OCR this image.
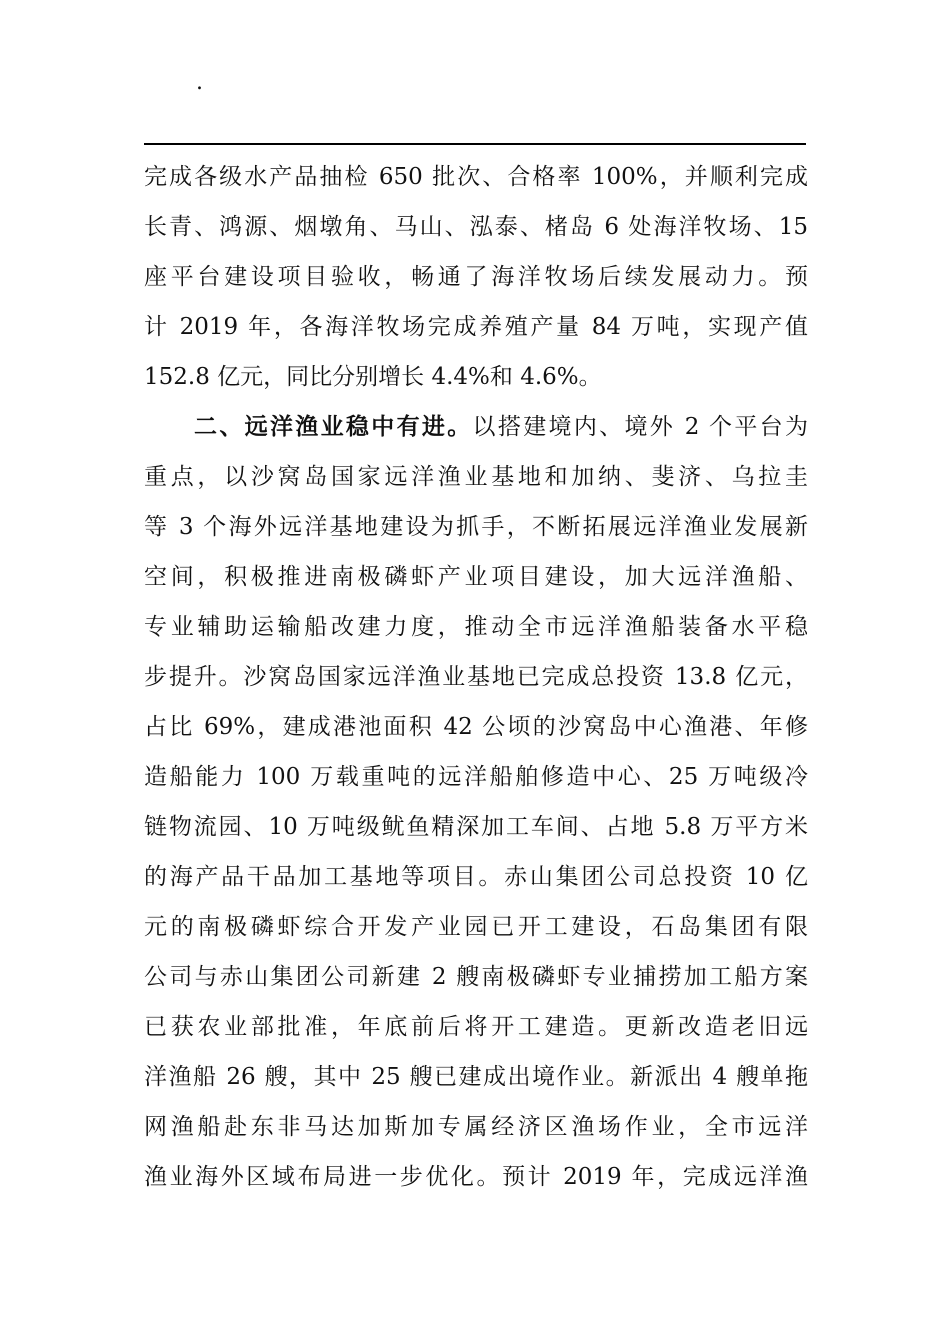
.
完成各级水产品抽检 650 批次、合格率 100%，并顺利完成
长青、鸿源、烟墩角、马山、泓泰、楮岛 6 处海洋牧场、15
座平台建设项目验收，畅通了海洋牧场后续发展动力。预
计 2019 年，各海洋牧场完成养殖产量 84 万吨，实现产值
152.8 亿元，同比分别增长 4.4%和 4.6%。
二、远洋渔业稳中有进。以搭建境内、境外 2 个平台为
重点，以沙窝岛国家远洋渔业基地和加纳、斐济、乌拉圭
等 3 个海外远洋基地建设为抓手，不断拓展远洋渔业发展新
空间，积极推进南极磷虾产业项目建设，加大远洋渔船、
专业辅助运输船改建力度，推动全市远洋渔船装备水平稳
步提升。沙窝岛国家远洋渔业基地已完成总投资 13.8 亿元，
占比 69%，建成港池面积 42 公顷的沙窝岛中心渔港、年修
造船能力 100 万载重吨的远洋船舶修造中心、25 万吨级冷
链物流园、10 万吨级鱿鱼精深加工车间、占地 5.8 万平方米
的海产品干品加工基地等项目。赤山集团公司总投资 10 亿
元的南极磷虾综合开发产业园已开工建设，石岛集团有限
公司与赤山集团公司新建 2 艘南极磷虾专业捕捞加工船方案
已获农业部批准，年底前后将开工建造。更新改造老旧远
洋渔船 26 艘，其中 25 艘已建成出境作业。新派出 4 艘单拖
网渔船赴东非马达加斯加专属经济区渔场作业，全市远洋
渔业海外区域布局进一步优化。预计 2019 年，完成远洋渔
